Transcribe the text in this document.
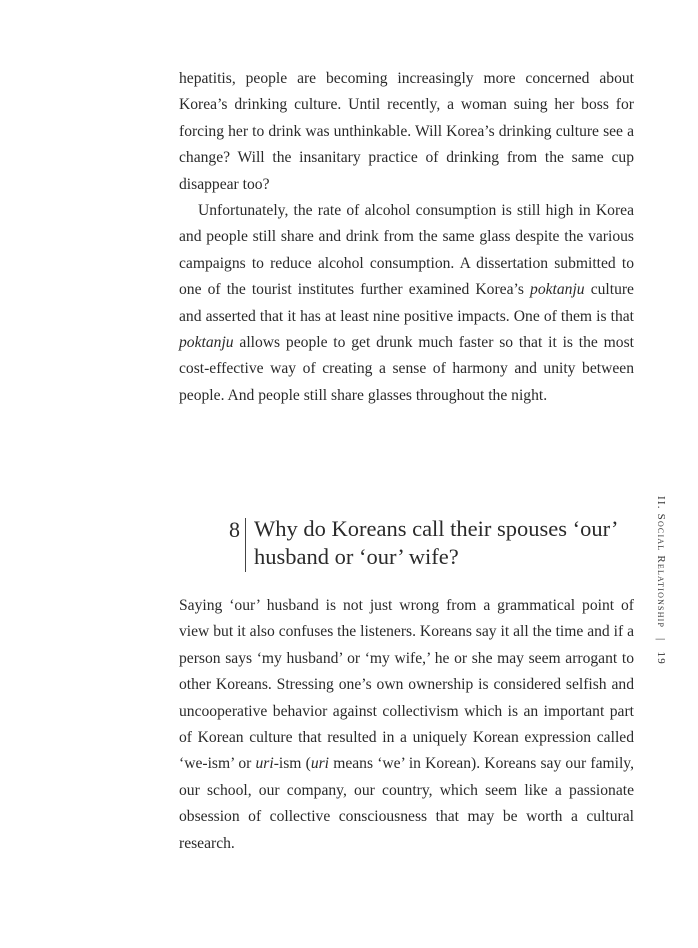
hepatitis, people are becoming increasingly more concerned about Korea’s drinking culture. Until recently, a woman suing her boss for forcing her to drink was unthinkable. Will Korea’s drinking culture see a change? Will the insanitary practice of drinking from the same cup disappear too?

Unfortunately, the rate of alcohol consumption is still high in Korea and people still share and drink from the same glass despite the various campaigns to reduce alcohol consumption. A dissertation submitted to one of the tourist institutes further examined Korea’s poktanju culture and asserted that it has at least nine positive impacts. One of them is that poktanju allows people to get drunk much faster so that it is the most cost-effective way of creating a sense of harmony and unity between people. And people still share glasses throughout the night.

8 Why do Koreans call their spouses ‘our’
husband or ‘our’ wife?

Saying ‘our’ husband is not just wrong from a grammatical point of view but it also confuses the listeners. Koreans say it all the time and if a person says ‘my husband’ or ‘my wife,’ he or she may seem arrogant to other Koreans. Stressing one’s own ownership is considered selfish and uncooperative behavior against collectivism which is an important part of Korean culture that resulted in a uniquely Korean expression called ‘we-ism’ or uri-ism (uri means ‘we’ in Korean). Koreans say our family, our school, our company, our country, which seem like a passionate obsession of collective consciousness that may be worth a cultural research.

II. Social Relationship | 19
